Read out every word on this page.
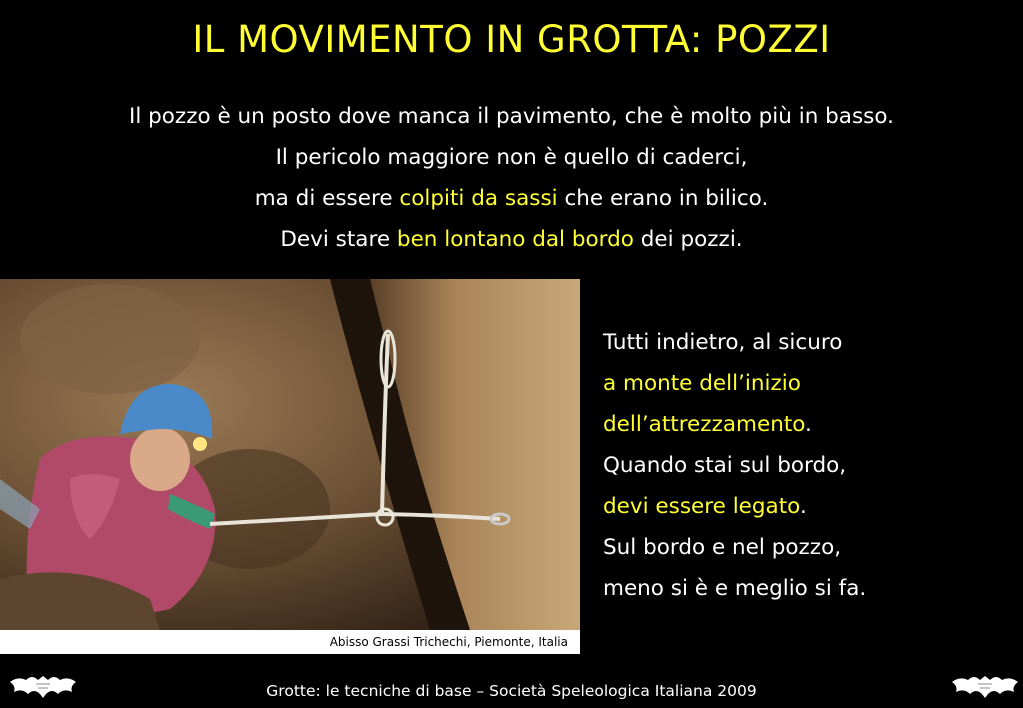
IL MOVIMENTO IN GROTTA: POZZI
Il pozzo è un posto dove manca il pavimento, che è molto più in basso.
Il pericolo maggiore non è quello di caderci,
ma di essere colpiti da sassi che erano in bilico.
Devi stare ben lontano dal bordo dei pozzi.
Abisso Grassi Trichechi, Piemonte, Italia
Tutti indietro, al sicuro
a monte dell’inizio
dell’attrezzamento.
Quando stai sul bordo,
devi essere legato.
Sul bordo e nel pozzo,
meno si è e meglio si fa.
Grotte: le tecniche di base – Società Speleologica Italiana 2009
